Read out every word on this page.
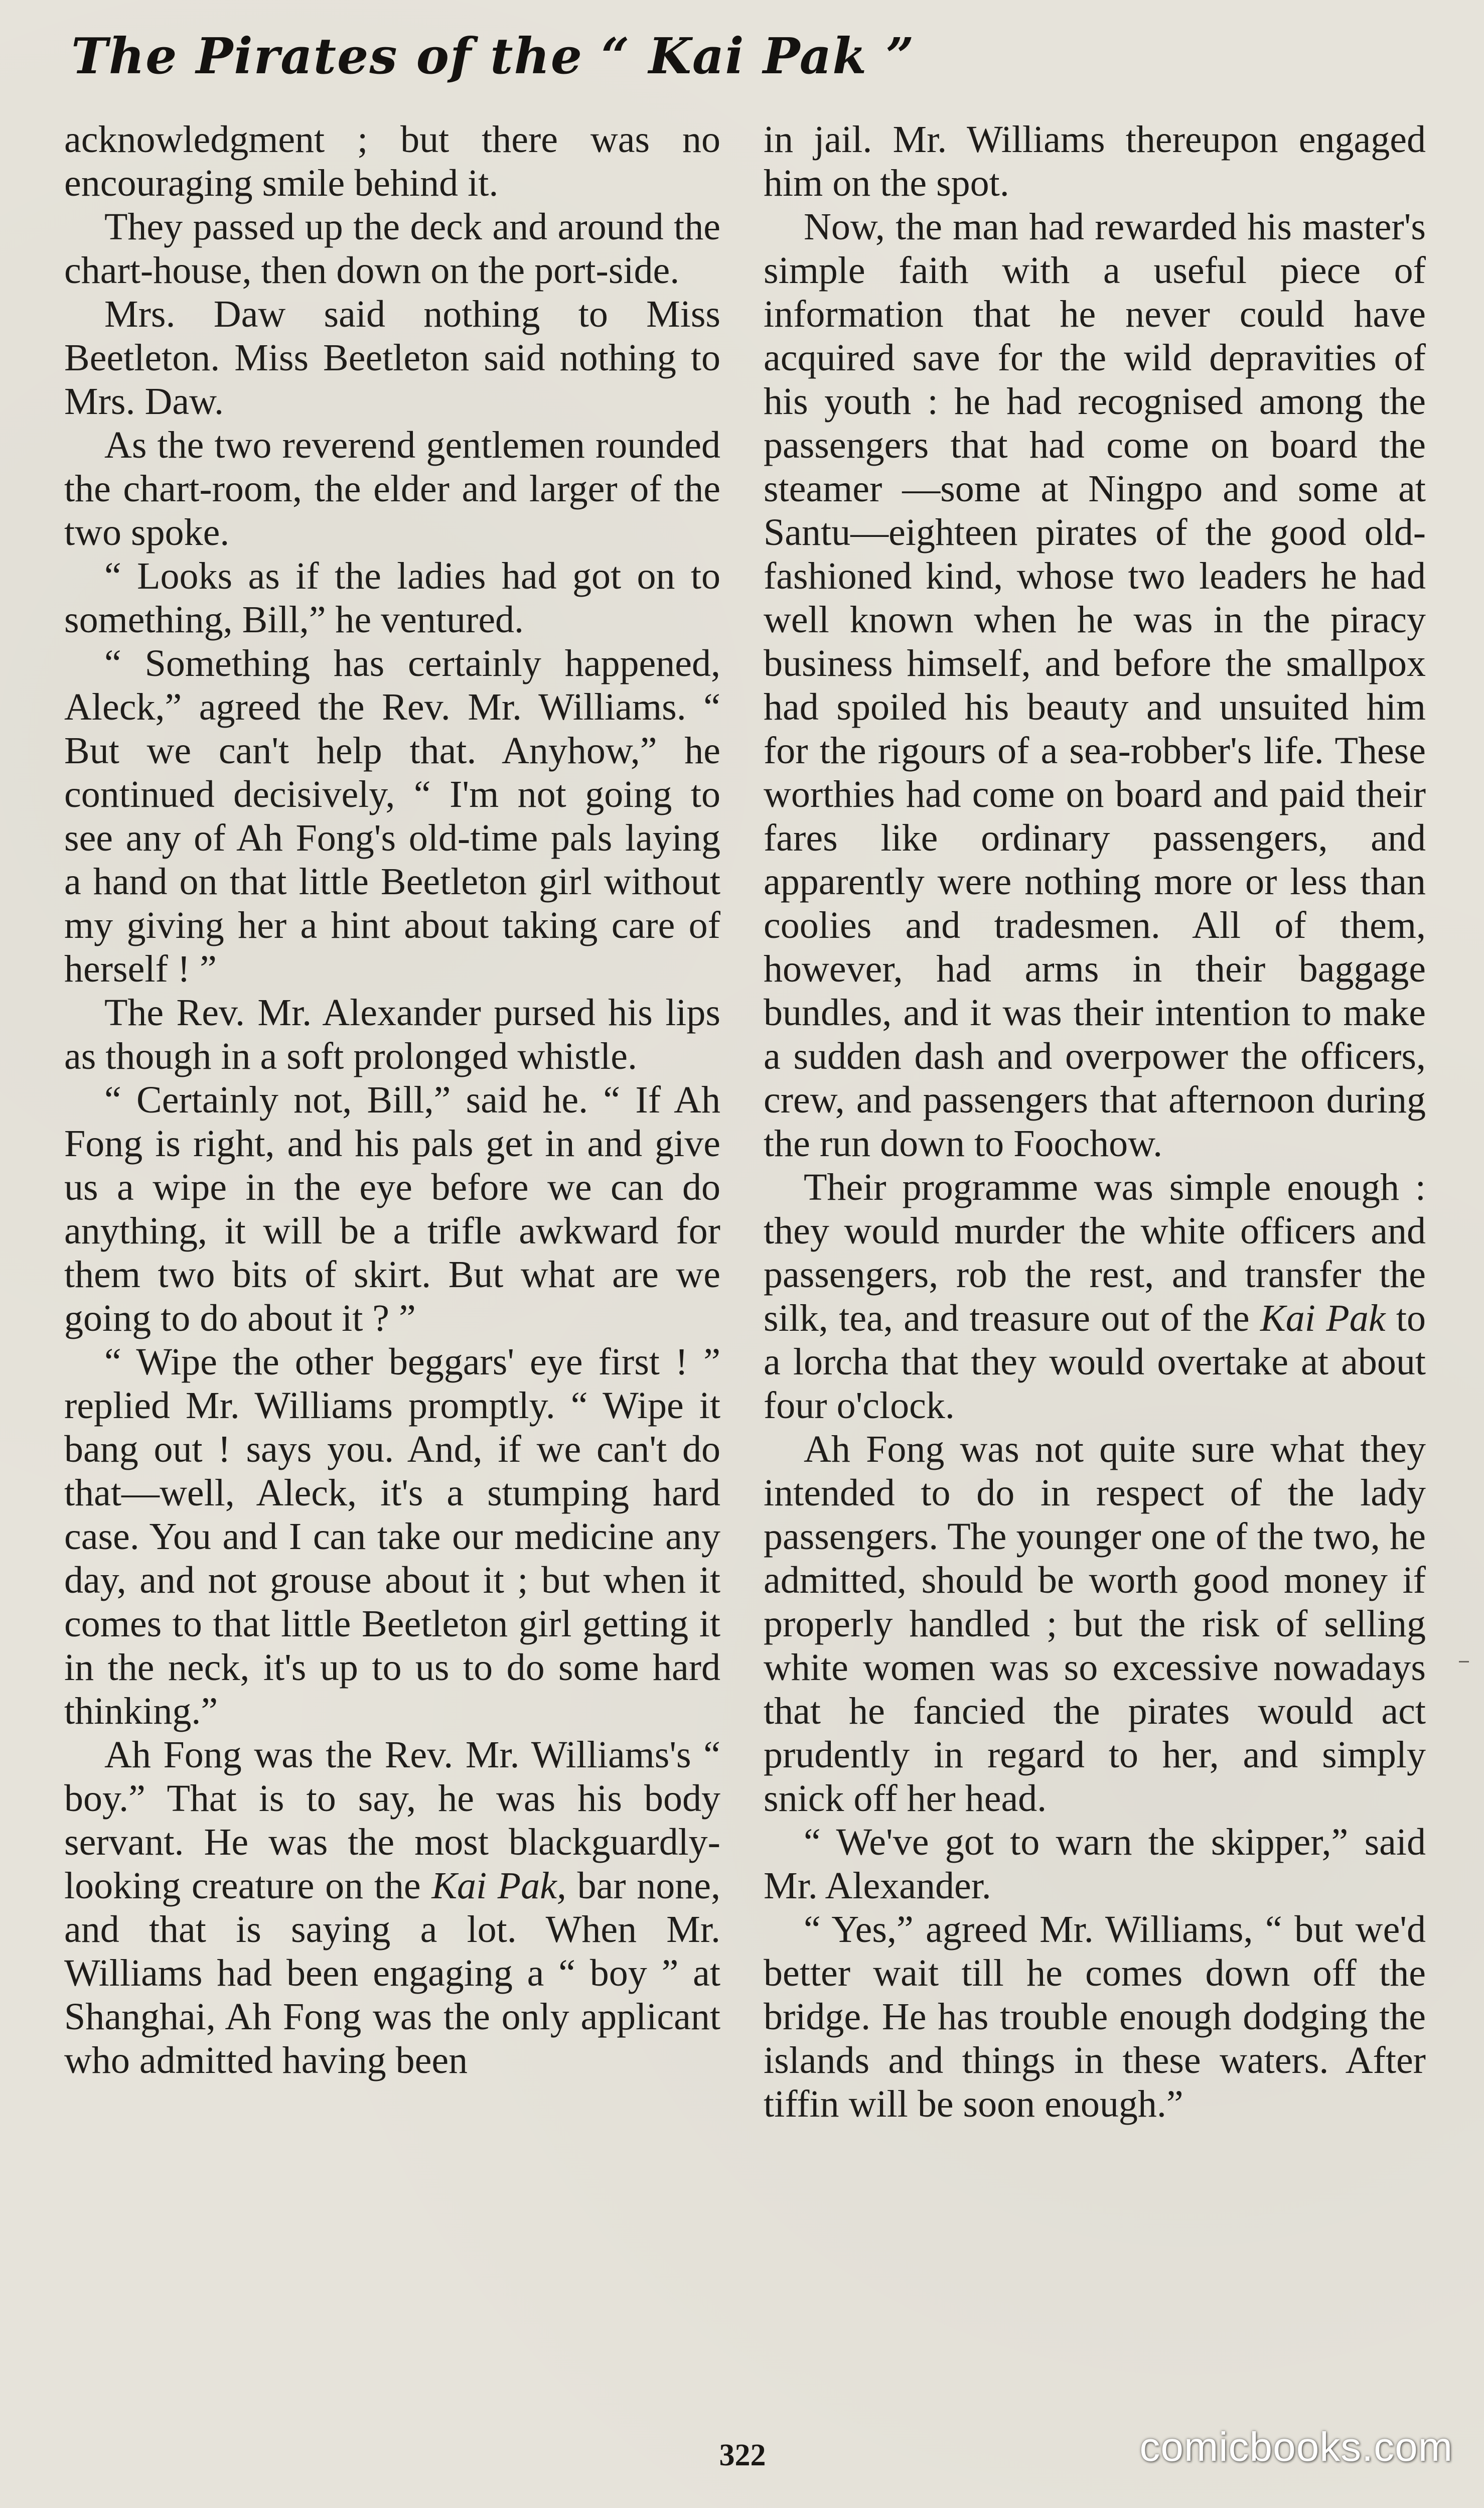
The Pirates of the “ Kai Pak ”

acknowledgment ; but there was no encouraging smile behind it.

They passed up the deck and around the chart-house, then down on the port-side.

Mrs. Daw said nothing to Miss Beetleton. Miss Beetleton said nothing to Mrs. Daw.

As the two reverend gentlemen rounded the chart-room, the elder and larger of the two spoke.

“ Looks as if the ladies had got on to something, Bill,” he ventured.

“ Something has certainly happened, Aleck,” agreed the Rev. Mr. Williams. “ But we can't help that. Anyhow,” he continued decisively, “ I'm not going to see any of Ah Fong's old-time pals laying a hand on that little Beetleton girl without my giving her a hint about taking care of herself ! ”

The Rev. Mr. Alexander pursed his lips as though in a soft prolonged whistle.

“ Certainly not, Bill,” said he. “ If Ah Fong is right, and his pals get in and give us a wipe in the eye before we can do anything, it will be a trifle awkward for them two bits of skirt. But what are we going to do about it ? ”

“ Wipe the other beggars' eye first ! ” replied Mr. Williams promptly. “ Wipe it bang out ! says you. And, if we can't do that—well, Aleck, it's a stumping hard case. You and I can take our medicine any day, and not grouse about it ; but when it comes to that little Beetleton girl getting it in the neck, it's up to us to do some hard thinking.”

Ah Fong was the Rev. Mr. Williams's “ boy.” That is to say, he was his body servant. He was the most blackguardly-looking creature on the Kai Pak, bar none, and that is saying a lot. When Mr. Williams had been engaging a “ boy ” at Shanghai, Ah Fong was the only applicant who admitted having been

in jail. Mr. Williams thereupon engaged him on the spot.

Now, the man had rewarded his master's simple faith with a useful piece of information that he never could have acquired save for the wild depravities of his youth : he had recognised among the passengers that had come on board the steamer —some at Ningpo and some at Santu—eighteen pirates of the good old-fashioned kind, whose two leaders he had well known when he was in the piracy business himself, and before the smallpox had spoiled his beauty and unsuited him for the rigours of a sea-robber's life. These worthies had come on board and paid their fares like ordinary passengers, and apparently were nothing more or less than coolies and tradesmen. All of them, however, had arms in their baggage bundles, and it was their intention to make a sudden dash and overpower the officers, crew, and passengers that afternoon during the run down to Foochow.

Their programme was simple enough : they would murder the white officers and passengers, rob the rest, and transfer the silk, tea, and treasure out of the Kai Pak to a lorcha that they would overtake at about four o'clock.

Ah Fong was not quite sure what they intended to do in respect of the lady passengers. The younger one of the two, he admitted, should be worth good money if properly handled ; but the risk of selling white women was so excessive nowadays that he fancied the pirates would act prudently in regard to her, and simply snick off her head.

“ We've got to warn the skipper,” said Mr. Alexander.

“ Yes,” agreed Mr. Williams, “ but we'd better wait till he comes down off the bridge. He has trouble enough dodging the islands and things in these waters. After tiffin will be soon enough.”

322	comicbooks.com
